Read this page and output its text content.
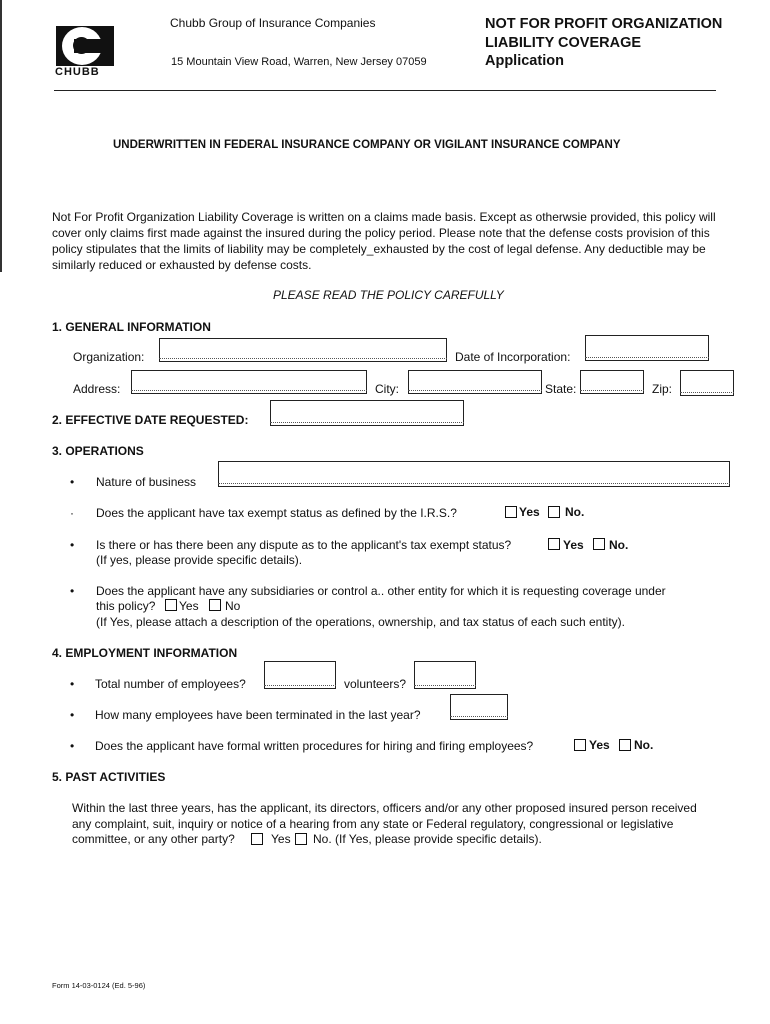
CHUBB
Chubb Group of Insurance Companies
15 Mountain View Road, Warren, New Jersey 07059
NOT FOR PROFIT ORGANIZATION
LIABILITY COVERAGE
Application
UNDERWRITTEN IN FEDERAL INSURANCE COMPANY OR VIGILANT INSURANCE COMPANY
Not For Profit Organization Liability Coverage is written on a claims made basis. Except as otherwsie provided, this policy will cover only claims first made against the insured during the policy period. Please note that the defense costs provision of this policy stipulates that the limits of liability may be completely_exhausted by the cost of legal defense. Any deductible may be similarly reduced or exhausted by defense costs.
PLEASE READ THE POLICY CAREFULLY
1. GENERAL INFORMATION
Organization:	Date of Incorporation:
Address:	City:	State:	Zip:
2. EFFECTIVE DATE REQUESTED:
3. OPERATIONS
• Nature of business
· Does the applicant have tax exempt status as defined by the I.R.S.?	Yes No.
• Is there or has there been any dispute as to the applicant's tax exempt status?
(If yes, please provide specific details).
Yes No.
• Does the applicant have any subsidiaries or control a.. other entity for which it is requesting coverage under
this policy? Yes No
(If Yes, please attach a description of the operations, ownership, and tax status of each such entity).
4. EMPLOYMENT INFORMATION
• Total number of employees?	volunteers?
• How many employees have been terminated in the last year?
• Does the applicant have formal written procedures for hiring and firing employees?	Yes No.
5. PAST ACTIVITIES
Within the last three years, has the applicant, its directors, officers and/or any other proposed insured person received
any complaint, suit, inquiry or notice of a hearing from any state or Federal regulatory, congressional or legislative
committee, or any other party?	Yes No. (If Yes, please provide specific details).
Form 14-03-0124 (Ed. 5-96)
